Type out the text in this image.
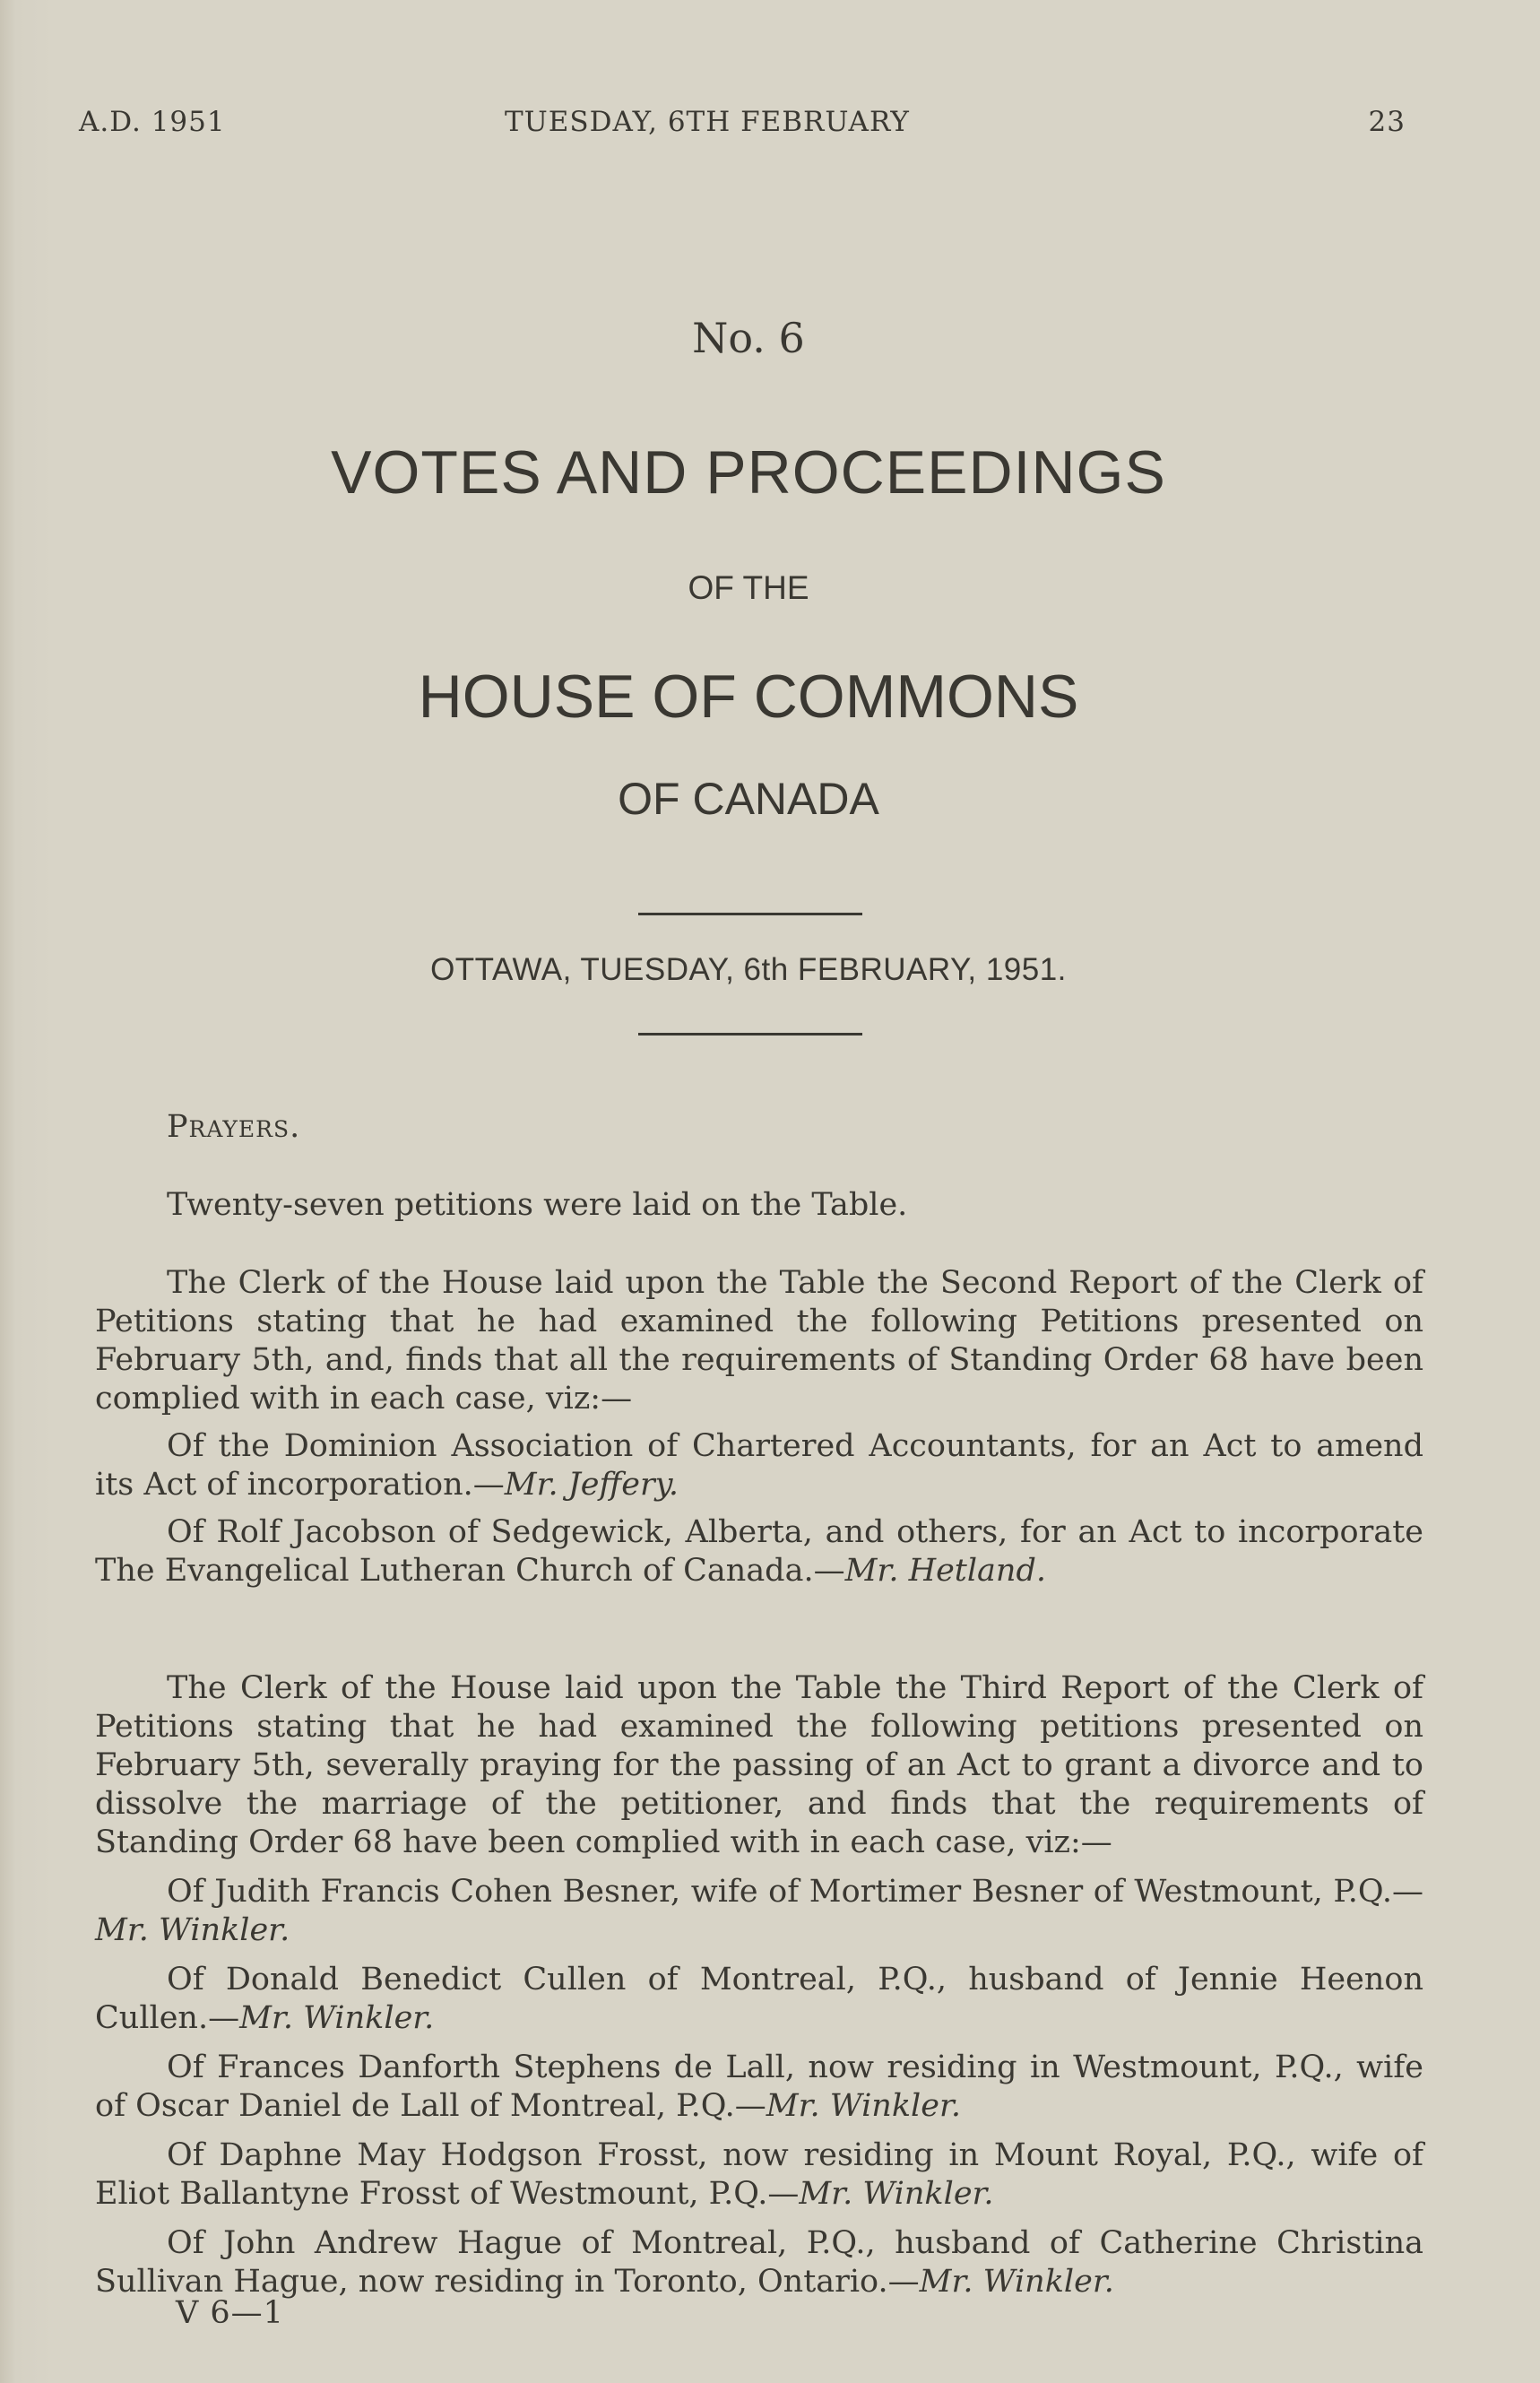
A.D. 1951	TUESDAY, 6TH FEBRUARY	23
No. 6
VOTES AND PROCEEDINGS
OF THE
HOUSE OF COMMONS
OF CANADA
OTTAWA, TUESDAY, 6th FEBRUARY, 1951.

Prayers.

Twenty-seven petitions were laid on the Table.

The Clerk of the House laid upon the Table the Second Report of the Clerk of Petitions stating that he had examined the following Petitions presented on February 5th, and, finds that all the requirements of Standing Order 68 have been complied with in each case, viz:—

Of the Dominion Association of Chartered Accountants, for an Act to amend its Act of incorporation.—Mr. Jeffery.

Of Rolf Jacobson of Sedgewick, Alberta, and others, for an Act to incorporate The Evangelical Lutheran Church of Canada.—Mr. Hetland.

The Clerk of the House laid upon the Table the Third Report of the Clerk of Petitions stating that he had examined the following petitions presented on February 5th, severally praying for the passing of an Act to grant a divorce and to dissolve the marriage of the petitioner, and finds that the requirements of Standing Order 68 have been complied with in each case, viz:—

Of Judith Francis Cohen Besner, wife of Mortimer Besner of Westmount, P.Q.—Mr. Winkler.

Of Donald Benedict Cullen of Montreal, P.Q., husband of Jennie Heenon Cullen.—Mr. Winkler.

Of Frances Danforth Stephens de Lall, now residing in Westmount, P.Q., wife of Oscar Daniel de Lall of Montreal, P.Q.—Mr. Winkler.

Of Daphne May Hodgson Frosst, now residing in Mount Royal, P.Q., wife of Eliot Ballantyne Frosst of Westmount, P.Q.—Mr. Winkler.

Of John Andrew Hague of Montreal, P.Q., husband of Catherine Christina Sullivan Hague, now residing in Toronto, Ontario.—Mr. Winkler.

V 6—1
